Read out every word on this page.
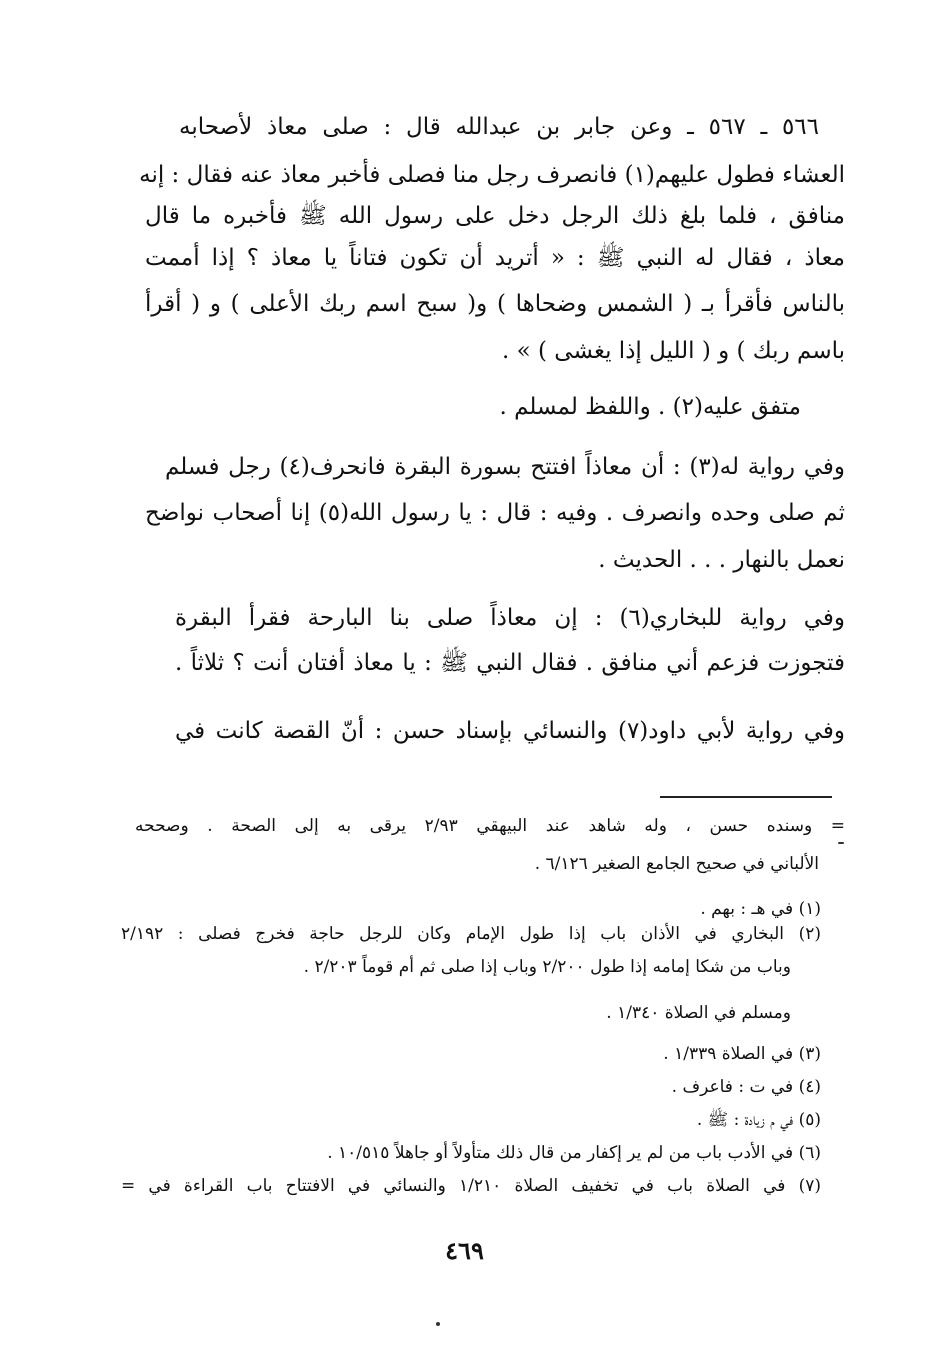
٥٦٦ ـ ٥٦٧ ـ وعن جابر بن عبدالله قال : صلى معاذ لأصحابه
العشاء فطول عليهم(١) فانصرف رجل منا فصلى فأخبر معاذ عنه فقال : إنه
منافق ، فلما بلغ ذلك الرجل دخل على رسول الله ﷺ فأخبره ما قال
معاذ ، فقال له النبي ﷺ : « أتريد أن تكون فتاناً يا معاذ ؟ إذا أممت
بالناس فأقرأ بـ ( الشمس وضحاها ) و( سبح اسم ربك الأعلى ) و ( أقرأ
باسم ربك ) و ( الليل إذا يغشى ) » .
متفق عليه(٢) . واللفظ لمسلم .
وفي رواية له(٣) : أن معاذاً افتتح بسورة البقرة فانحرف(٤) رجل فسلم
ثم صلى وحده وانصرف . وفيه : قال : يا رسول الله(٥) إنا أصحاب نواضح
نعمل بالنهار . . . الحديث .
وفي رواية للبخاري(٦) : إن معاذاً صلى بنا البارحة فقرأ البقرة
فتجوزت فزعم أني منافق . فقال النبي ﷺ : يا معاذ أفتان أنت ؟ ثلاثاً .
وفي رواية لأبي داود(٧) والنسائي بإسناد حسن : أنّ القصة كانت في
= وسنده حسن ، وله شاهد عند البيهقي ٢/٩٣ يرقى به إلى الصحة . وصححه
الألباني في صحيح الجامع الصغير ٦/١٢٦ .
(١) في هـ : بهم .
(٢) البخاري في الأذان باب إذا طول الإمام وكان للرجل حاجة فخرج فصلى : ٢/١٩٢
وباب من شكا إمامه إذا طول ٢/٢٠٠ وباب إذا صلى ثم أم قوماً ٢/٢٠٣ .
ومسلم في الصلاة ١/٣٤٠ .
(٣) في الصلاة ١/٣٣٩ .
(٤) في ت : فاعرف .
(٥) في م زيادة : ﷺ .
(٦) في الأدب باب من لم ير إكفار من قال ذلك متأولاً أو جاهلاً ١٠/٥١٥ .
(٧) في الصلاة باب في تخفيف الصلاة ١/٢١٠ والنسائي في الافتتاح باب القراءة في =
٤٦٩
